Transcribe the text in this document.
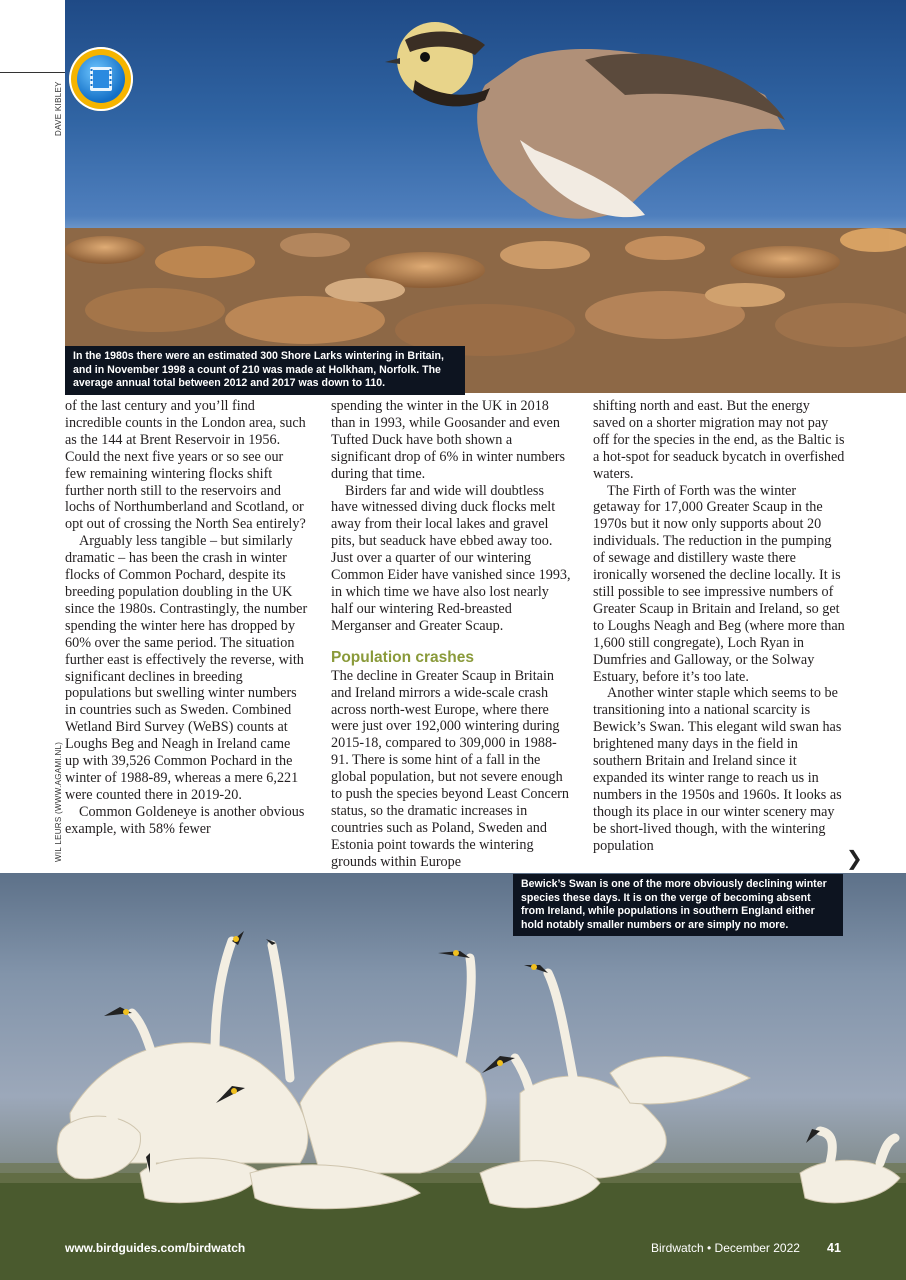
DAVE KIBLEY
In the 1980s there were an estimated 300 Shore Larks wintering in Britain, and in November 1998 a count of 210 was made at Holkham, Norfolk. The average annual total between 2012 and 2017 was down to 110.

of the last century and you’ll find incredible counts in the London area, such as the 144 at Brent Reservoir in 1956. Could the next five years or so see our few remaining wintering flocks shift further north still to the reservoirs and lochs of Northumberland and Scotland, or opt out of crossing the North Sea entirely?

Arguably less tangible – but similarly dramatic – has been the crash in winter flocks of Common Pochard, despite its breeding population doubling in the UK since the 1980s. Contrastingly, the number spending the winter here has dropped by 60% over the same period. The situation further east is effectively the reverse, with significant declines in breeding populations but swelling winter numbers in countries such as Sweden. Combined Wetland Bird Survey (WeBS) counts at Loughs Beg and Neagh in Ireland came up with 39,526 Common Pochard in the winter of 1988-89, whereas a mere 6,221 were counted there in 2019-20.

Common Goldeneye is another obvious example, with 58% fewer

spending the winter in the UK in 2018 than in 1993, while Goosander and even Tufted Duck have both shown a significant drop of 6% in winter numbers during that time.

Birders far and wide will doubtless have witnessed diving duck flocks melt away from their local lakes and gravel pits, but seaduck have ebbed away too. Just over a quarter of our wintering Common Eider have vanished since 1993, in which time we have also lost nearly half our wintering Red-breasted Merganser and Greater Scaup.

Population crashes

The decline in Greater Scaup in Britain and Ireland mirrors a wide-scale crash across north-west Europe, where there were just over 192,000 wintering during 2015-18, compared to 309,000 in 1988-91. There is some hint of a fall in the global population, but not severe enough to push the species beyond Least Concern status, so the dramatic increases in countries such as Poland, Sweden and Estonia point towards the wintering grounds within Europe

shifting north and east. But the energy saved on a shorter migration may not pay off for the species in the end, as the Baltic is a hot-spot for seaduck bycatch in overfished waters.

The Firth of Forth was the winter getaway for 17,000 Greater Scaup in the 1970s but it now only supports about 20 individuals. The reduction in the pumping of sewage and distillery waste there ironically worsened the decline locally. It is still possible to see impressive numbers of Greater Scaup in Britain and Ireland, so get to Loughs Neagh and Beg (where more than 1,600 still congregate), Loch Ryan in Dumfries and Galloway, or the Solway Estuary, before it’s too late.

Another winter staple which seems to be transitioning into a national scarcity is Bewick’s Swan. This elegant wild swan has brightened many days in the field in southern Britain and Ireland since it expanded its winter range to reach us in numbers in the 1950s and 1960s. It looks as though its place in our winter scenery may be short-lived though, with the wintering population

❯
WIL LEURS (WWW.AGAMI.NL)
Bewick’s Swan is one of the more obviously declining winter species these days. It is on the verge of becoming absent from Ireland, while populations in southern England either hold notably smaller numbers or are simply no more.
www.birdguides.com/birdwatch	Birdwatch • December 2022 41
